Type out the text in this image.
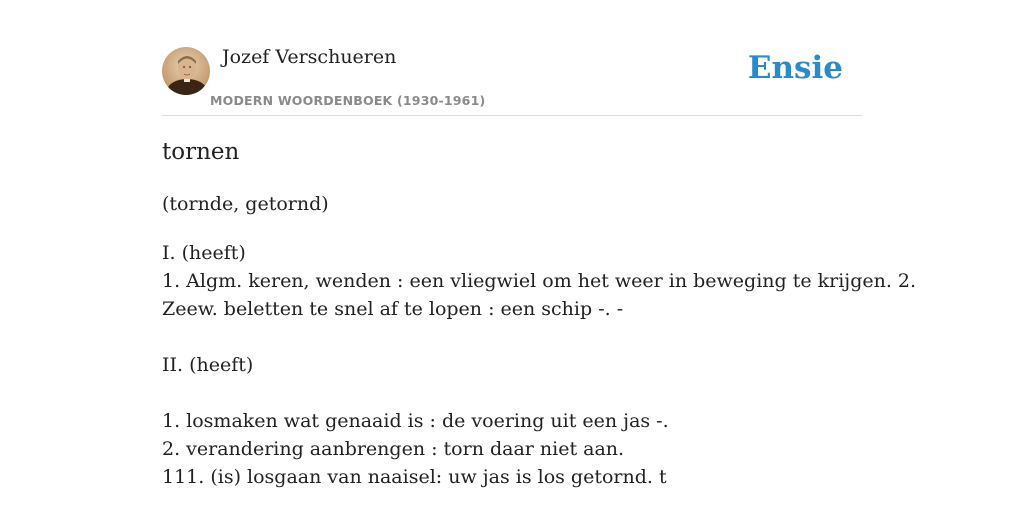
Jozef Verschueren
MODERN WOORDENBOEK (1930-1961)
Ensie
tornen
(tornde, getornd)
I. (heeft)
1. Algm. keren, wenden : een vliegwiel om het weer in beweging te krijgen. 2.
Zeew. beletten te snel af te lopen : een schip -. -
II. (heeft)
1. losmaken wat genaaid is : de voering uit een jas -.
2. verandering aanbrengen : torn daar niet aan.
111. (is) losgaan van naaisel: uw jas is los getornd. t
